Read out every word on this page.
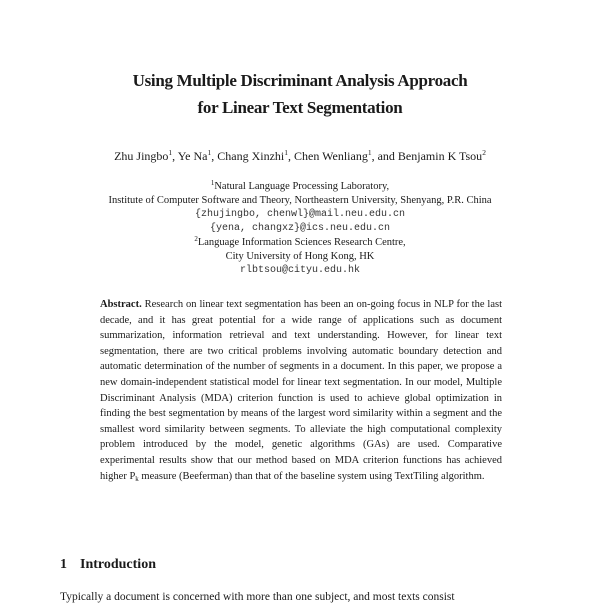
Using Multiple Discriminant Analysis Approach
for Linear Text Segmentation
Zhu Jingbo$^1$, Ye Na$^1$, Chang Xinzhi$^1$, Chen Wenliang$^1$, and Benjamin K Tsou$^2$
$^1$Natural Language Processing Laboratory,
Institute of Computer Software and Theory, Northeastern University, Shenyang, P.R. China
{zhujingbo, chenwl}@mail.neu.edu.cn
{yena, changxz}@ics.neu.edu.cn
$^2$Language Information Sciences Research Centre,
City University of Hong Kong, HK
rlbtsou@cityu.edu.hk

Abstract. Research on linear text segmentation has been an on-going focus in NLP for the last decade, and it has great potential for a wide range of applications such as document summarization, information retrieval and text understanding. However, for linear text segmentation, there are two critical problems involving automatic boundary detection and automatic determination of the number of segments in a document. In this paper, we propose a new domain-independent statistical model for linear text segmentation. In our model, Multiple Discriminant Analysis (MDA) criterion function is used to achieve global optimization in finding the best segmentation by means of the largest word similarity within a segment and the smallest word similarity between segments. To alleviate the high computational complexity problem introduced by the model, genetic algorithms (GAs) are used. Comparative experimental results show that our method based on MDA criterion functions has achieved higher $P_k$ measure (Beeferman) than that of the baseline system using TextTiling algorithm.

1 Introduction
Typically a document is concerned with more than one subject, and most texts consist
